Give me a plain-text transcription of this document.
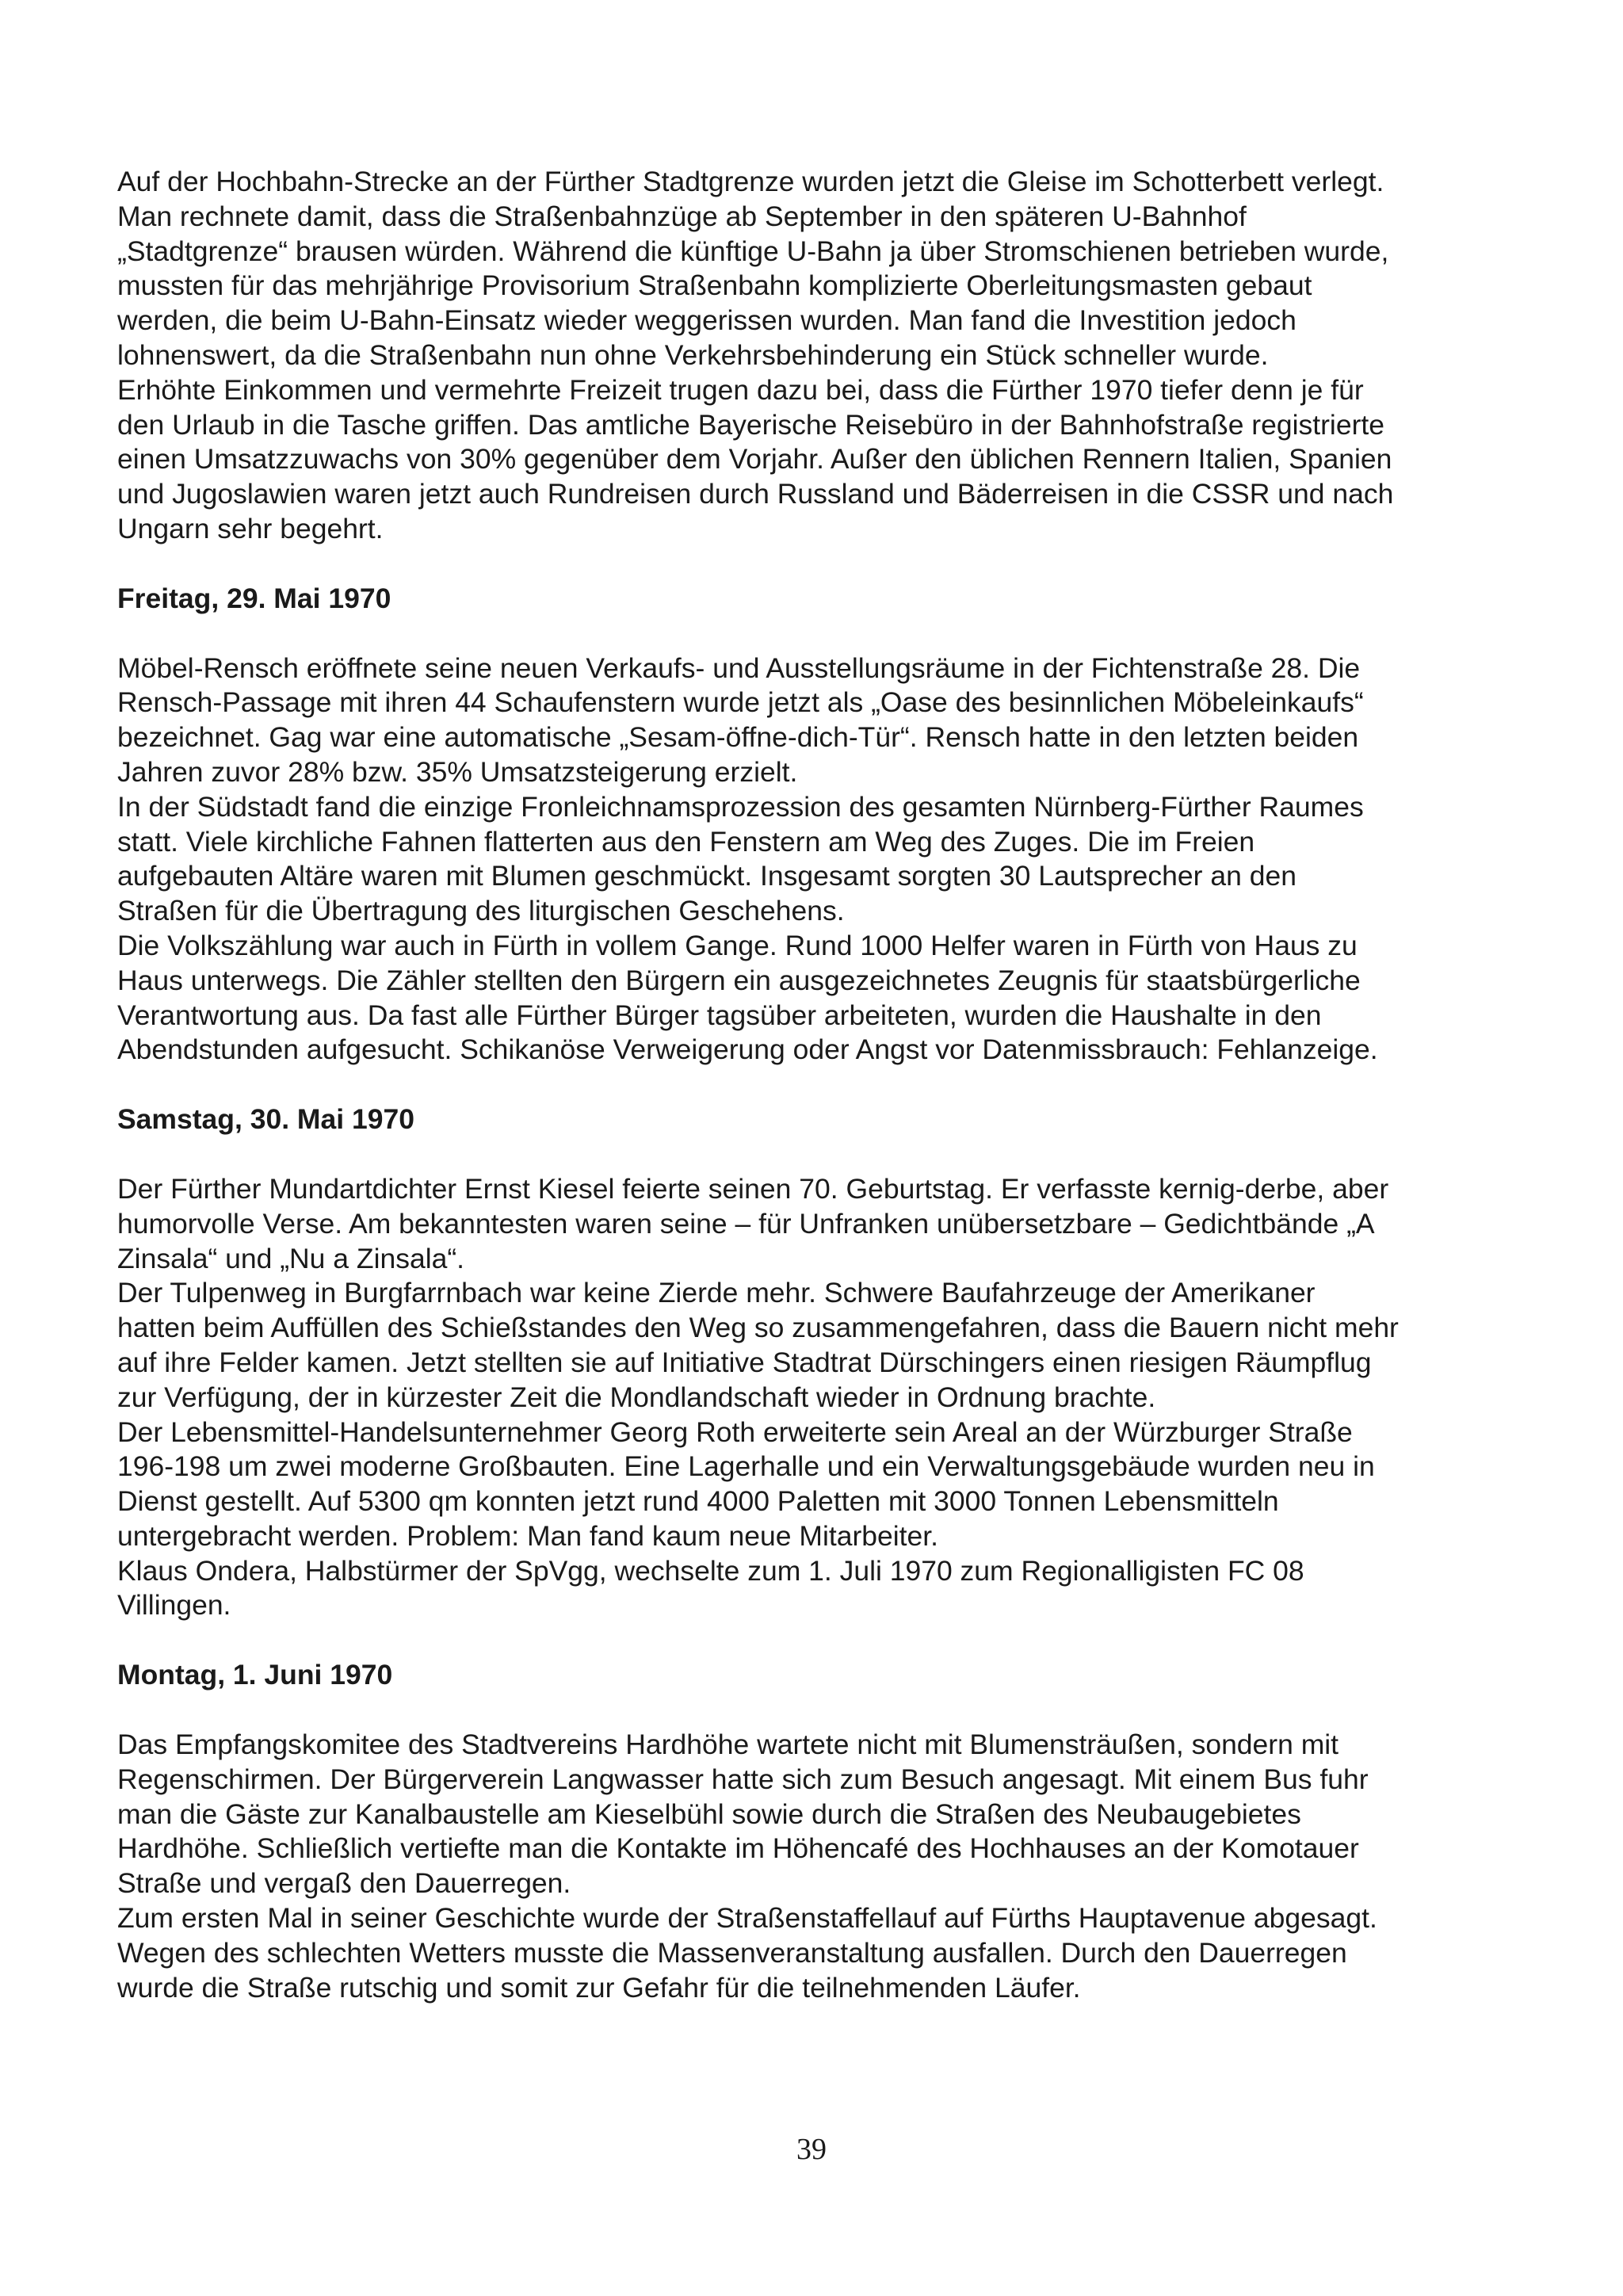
Auf der Hochbahn-Strecke an der Fürther Stadtgrenze wurden jetzt die Gleise im Schotterbett verlegt. Man rechnete damit, dass die Straßenbahnzüge ab September in den späteren U-Bahnhof „Stadtgrenze“ brausen würden. Während die künftige U-Bahn ja über Stromschienen betrieben wurde, mussten für das mehrjährige Provisorium Straßenbahn komplizierte Oberleitungsmasten gebaut werden, die beim U-Bahn-Einsatz wieder weggerissen wurden. Man fand die Investition jedoch lohnenswert, da die Straßenbahn nun ohne Verkehrsbehinderung ein Stück schneller wurde.

Erhöhte Einkommen und vermehrte Freizeit trugen dazu bei, dass die Fürther 1970 tiefer denn je für den Urlaub in die Tasche griffen. Das amtliche Bayerische Reisebüro in der Bahnhofstraße registrierte einen Umsatzzuwachs von 30% gegenüber dem Vorjahr. Außer den üblichen Rennern Italien, Spanien und Jugoslawien waren jetzt auch Rundreisen durch Russland und Bäderreisen in die CSSR und nach Ungarn sehr begehrt.

Freitag, 29. Mai 1970

Möbel-Rensch eröffnete seine neuen Verkaufs- und Ausstellungsräume in der Fichtenstraße 28. Die Rensch-Passage mit ihren 44 Schaufenstern wurde jetzt als „Oase des besinnlichen Möbeleinkaufs“ bezeichnet. Gag war eine automatische „Sesam-öffne-dich-Tür“. Rensch hatte in den letzten beiden Jahren zuvor 28% bzw. 35% Umsatzsteigerung erzielt.

In der Südstadt fand die einzige Fronleichnamsprozession des gesamten Nürnberg-Fürther Raumes statt. Viele kirchliche Fahnen flatterten aus den Fenstern am Weg des Zuges. Die im Freien aufgebauten Altäre waren mit Blumen geschmückt. Insgesamt sorgten 30 Lautsprecher an den Straßen für die Übertragung des liturgischen Geschehens.

Die Volkszählung war auch in Fürth in vollem Gange. Rund 1000 Helfer waren in Fürth von Haus zu Haus unterwegs. Die Zähler stellten den Bürgern ein ausgezeichnetes Zeugnis für staatsbürgerliche Verantwortung aus. Da fast alle Fürther Bürger tagsüber arbeiteten, wurden die Haushalte in den Abendstunden aufgesucht. Schikanöse Verweigerung oder Angst vor Datenmissbrauch: Fehlanzeige.

Samstag, 30. Mai 1970

Der Fürther Mundartdichter Ernst Kiesel feierte seinen 70. Geburtstag. Er verfasste kernig-derbe, aber humorvolle Verse. Am bekanntesten waren seine – für Unfranken unübersetzbare – Gedichtbände „A Zinsala“ und „Nu a Zinsala“.

Der Tulpenweg in Burgfarrnbach war keine Zierde mehr. Schwere Baufahrzeuge der Amerikaner hatten beim Auffüllen des Schießstandes den Weg so zusammengefahren, dass die Bauern nicht mehr auf ihre Felder kamen. Jetzt stellten sie auf Initiative Stadtrat Dürschingers einen riesigen Räumpflug zur Verfügung, der in kürzester Zeit die Mondlandschaft wieder in Ordnung brachte.

Der Lebensmittel-Handelsunternehmer Georg Roth erweiterte sein Areal an der Würzburger Straße 196-198 um zwei moderne Großbauten. Eine Lagerhalle und ein Verwaltungsgebäude wurden neu in Dienst gestellt. Auf 5300 qm konnten jetzt rund 4000 Paletten mit 3000 Tonnen Lebensmitteln untergebracht werden. Problem: Man fand kaum neue Mitarbeiter.

Klaus Ondera, Halbstürmer der SpVgg, wechselte zum 1. Juli 1970 zum Regionalligisten FC 08 Villingen.

Montag, 1. Juni 1970

Das Empfangskomitee des Stadtvereins Hardhöhe wartete nicht mit Blumensträußen, sondern mit Regenschirmen. Der Bürgerverein Langwasser hatte sich zum Besuch angesagt. Mit einem Bus fuhr man die Gäste zur Kanalbaustelle am Kieselbühl sowie durch die Straßen des Neubaugebietes Hardhöhe. Schließlich vertiefte man die Kontakte im Höhencafé des Hochhauses an der Komotauer Straße und vergaß den Dauerregen.

Zum ersten Mal in seiner Geschichte wurde der Straßenstaffellauf auf Fürths Hauptavenue abgesagt. Wegen des schlechten Wetters musste die Massenveranstaltung ausfallen. Durch den Dauerregen wurde die Straße rutschig und somit zur Gefahr für die teilnehmenden Läufer.

39
